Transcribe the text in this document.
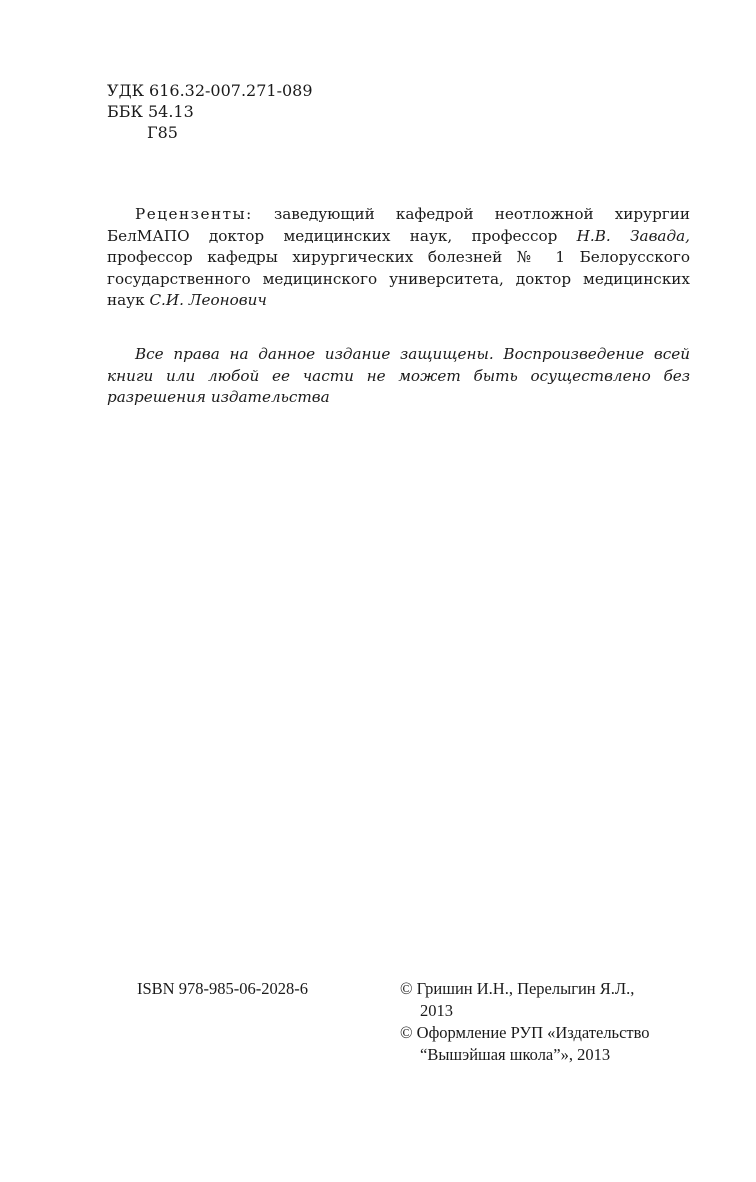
УДК 616.32-007.271-089
ББК 54.13
Г85
Рецензенты: заведующий кафедрой неотложной хирургии БелМАПО доктор медицинских наук, профессор Н.В. Завада, профессор кафедры хирургических болезней № 1 Белорусского государственного медицинского университета, доктор медицинских наук С.И. Леонович
Все права на данное издание защищены. Воспроизведение всей книги или любой ее части не может быть осуществлено без разрешения издательства
ISBN 978-985-06-2028-6	© Гришин И.Н., Перелыгин Я.Л.,
2013

© Оформление РУП «Издательство
“Вышэйшая школа”», 2013
